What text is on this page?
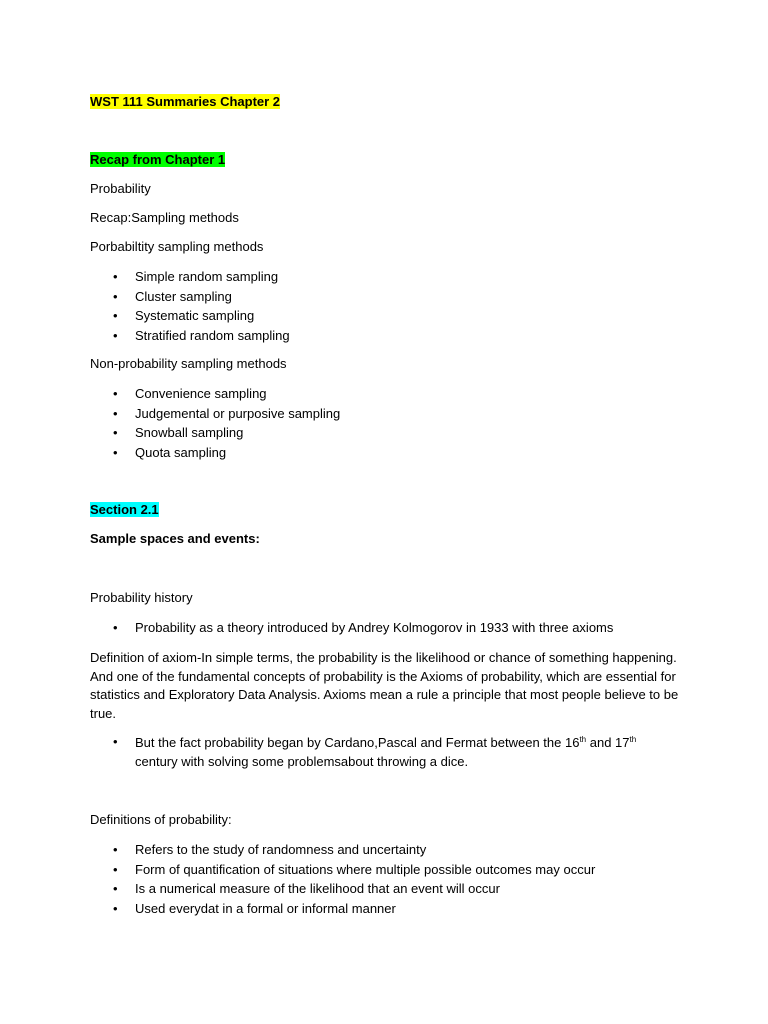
WST 111 Summaries Chapter 2
Recap from Chapter 1
Probability
Recap:Sampling methods
Porbabiltity sampling methods
• Simple random sampling
• Cluster sampling
• Systematic sampling
• Stratified random sampling
Non-probability sampling methods
• Convenience sampling
• Judgemental or purposive sampling
• Snowball sampling
• Quota sampling
Section 2.1
Sample spaces and events:
Probability history
• Probability as a theory introduced by Andrey Kolmogorov in 1933 with three axioms
Definition of axiom-In simple terms, the probability is the likelihood or chance of something happening. And one of the fundamental concepts of probability is the Axioms of probability, which are essential for statistics and Exploratory Data Analysis. Axioms mean a rule a principle that most people believe to be true.
• But the fact probability began by Cardano,Pascal and Fermat between the 16th and 17th century with solving some problemsabout throwing a dice.
Definitions of probability:
• Refers to the study of randomness and uncertainty
• Form of quantification of situations where multiple possible outcomes may occur
• Is a numerical measure of the likelihood that an event will occur
• Used everydat in a formal or informal manner
